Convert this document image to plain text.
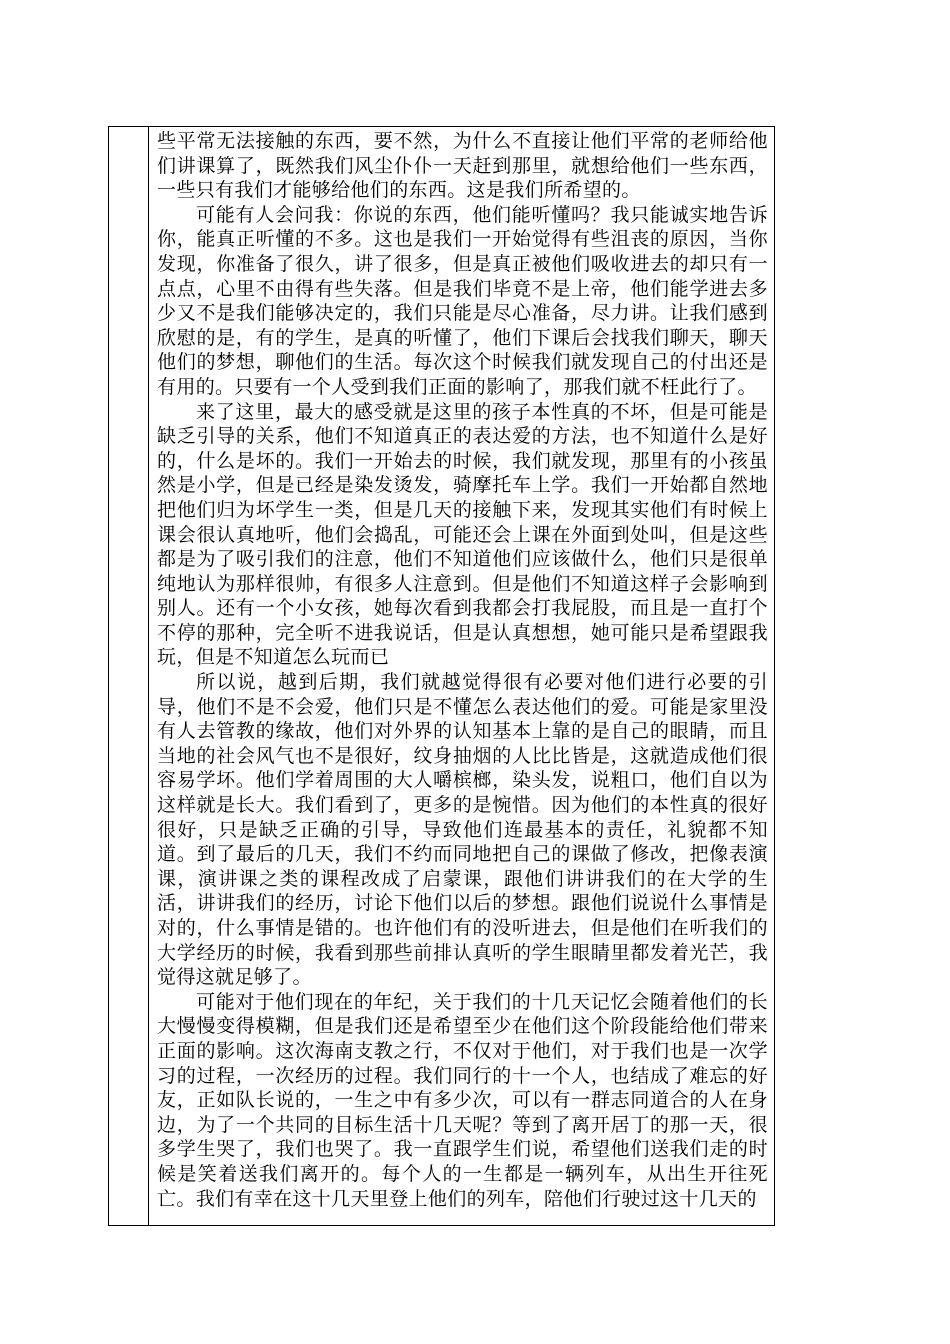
些平常无法接触的东西，要不然，为什么不直接让他们平常的老师给他们讲课算了，既然我们风尘仆仆一天赶到那里，就想给他们一些东西，一些只有我们才能够给他们的东西。这是我们所希望的。

可能有人会问我：你说的东西，他们能听懂吗？我只能诚实地告诉你，能真正听懂的不多。这也是我们一开始觉得有些沮丧的原因，当你发现，你准备了很久，讲了很多，但是真正被他们吸收进去的却只有一点点，心里不由得有些失落。但是我们毕竟不是上帝，他们能学进去多少又不是我们能够决定的，我们只能是尽心准备，尽力讲。让我们感到欣慰的是，有的学生，是真的听懂了，他们下课后会找我们聊天，聊天他们的梦想，聊他们的生活。每次这个时候我们就发现自己的付出还是有用的。只要有一个人受到我们正面的影响了，那我们就不枉此行了。

来了这里，最大的感受就是这里的孩子本性真的不坏，但是可能是缺乏引导的关系，他们不知道真正的表达爱的方法，也不知道什么是好的，什么是坏的。我们一开始去的时候，我们就发现，那里有的小孩虽然是小学，但是已经是染发烫发，骑摩托车上学。我们一开始都自然地把他们归为坏学生一类，但是几天的接触下来，发现其实他们有时候上课会很认真地听，他们会捣乱，可能还会上课在外面到处叫，但是这些都是为了吸引我们的注意，他们不知道他们应该做什么，他们只是很单纯地认为那样很帅，有很多人注意到。但是他们不知道这样子会影响到别人。还有一个小女孩，她每次看到我都会打我屁股，而且是一直打个不停的那种，完全听不进我说话，但是认真想想，她可能只是希望跟我玩，但是不知道怎么玩而已

所以说，越到后期，我们就越觉得很有必要对他们进行必要的引导，他们不是不会爱，他们只是不懂怎么表达他们的爱。可能是家里没有人去管教的缘故，他们对外界的认知基本上靠的是自己的眼睛，而且当地的社会风气也不是很好，纹身抽烟的人比比皆是，这就造成他们很容易学坏。他们学着周围的大人嚼槟榔，染头发，说粗口，他们自以为这样就是长大。我们看到了，更多的是惋惜。因为他们的本性真的很好很好，只是缺乏正确的引导，导致他们连最基本的责任，礼貌都不知道。到了最后的几天，我们不约而同地把自己的课做了修改，把像表演课，演讲课之类的课程改成了启蒙课，跟他们讲讲我们的在大学的生活，讲讲我们的经历，讨论下他们以后的梦想。跟他们说说什么事情是对的，什么事情是错的。也许他们有的没听进去，但是他们在听我们的大学经历的时候，我看到那些前排认真听的学生眼睛里都发着光芒，我觉得这就足够了。

可能对于他们现在的年纪，关于我们的十几天记忆会随着他们的长大慢慢变得模糊，但是我们还是希望至少在他们这个阶段能给他们带来正面的影响。这次海南支教之行，不仅对于他们，对于我们也是一次学习的过程，一次经历的过程。我们同行的十一个人，也结成了难忘的好友，正如队长说的，一生之中有多少次，可以有一群志同道合的人在身边，为了一个共同的目标生活十几天呢？等到了离开居丁的那一天，很多学生哭了，我们也哭了。我一直跟学生们说，希望他们送我们走的时候是笑着送我们离开的。每个人的一生都是一辆列车，从出生开往死亡。我们有幸在这十几天里登上他们的列车，陪他们行驶过这十几天的
